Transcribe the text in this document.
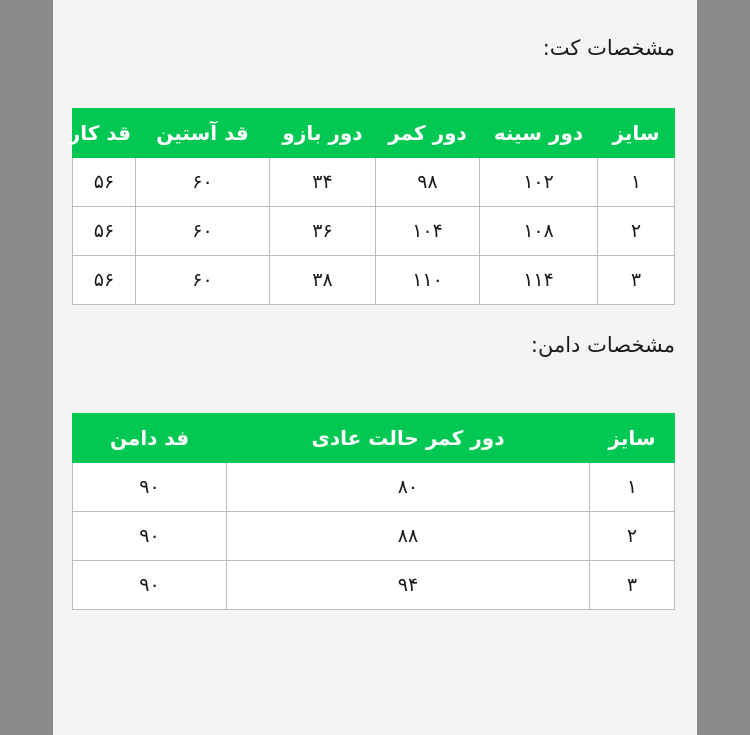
مشخصات کت:
سایز	دور سینه	دور کمر	دور بازو	قد آستین	قد کار
۱	۱۰۲	۹۸	۳۴	۶۰	۵۶
۲	۱۰۸	۱۰۴	۳۶	۶۰	۵۶
۳	۱۱۴	۱۱۰	۳۸	۶۰	۵۶
مشخصات دامن:
سایز	دور کمر حالت عادی	فد دامن
۱	۸۰	۹۰
۲	۸۸	۹۰
۳	۹۴	۹۰
